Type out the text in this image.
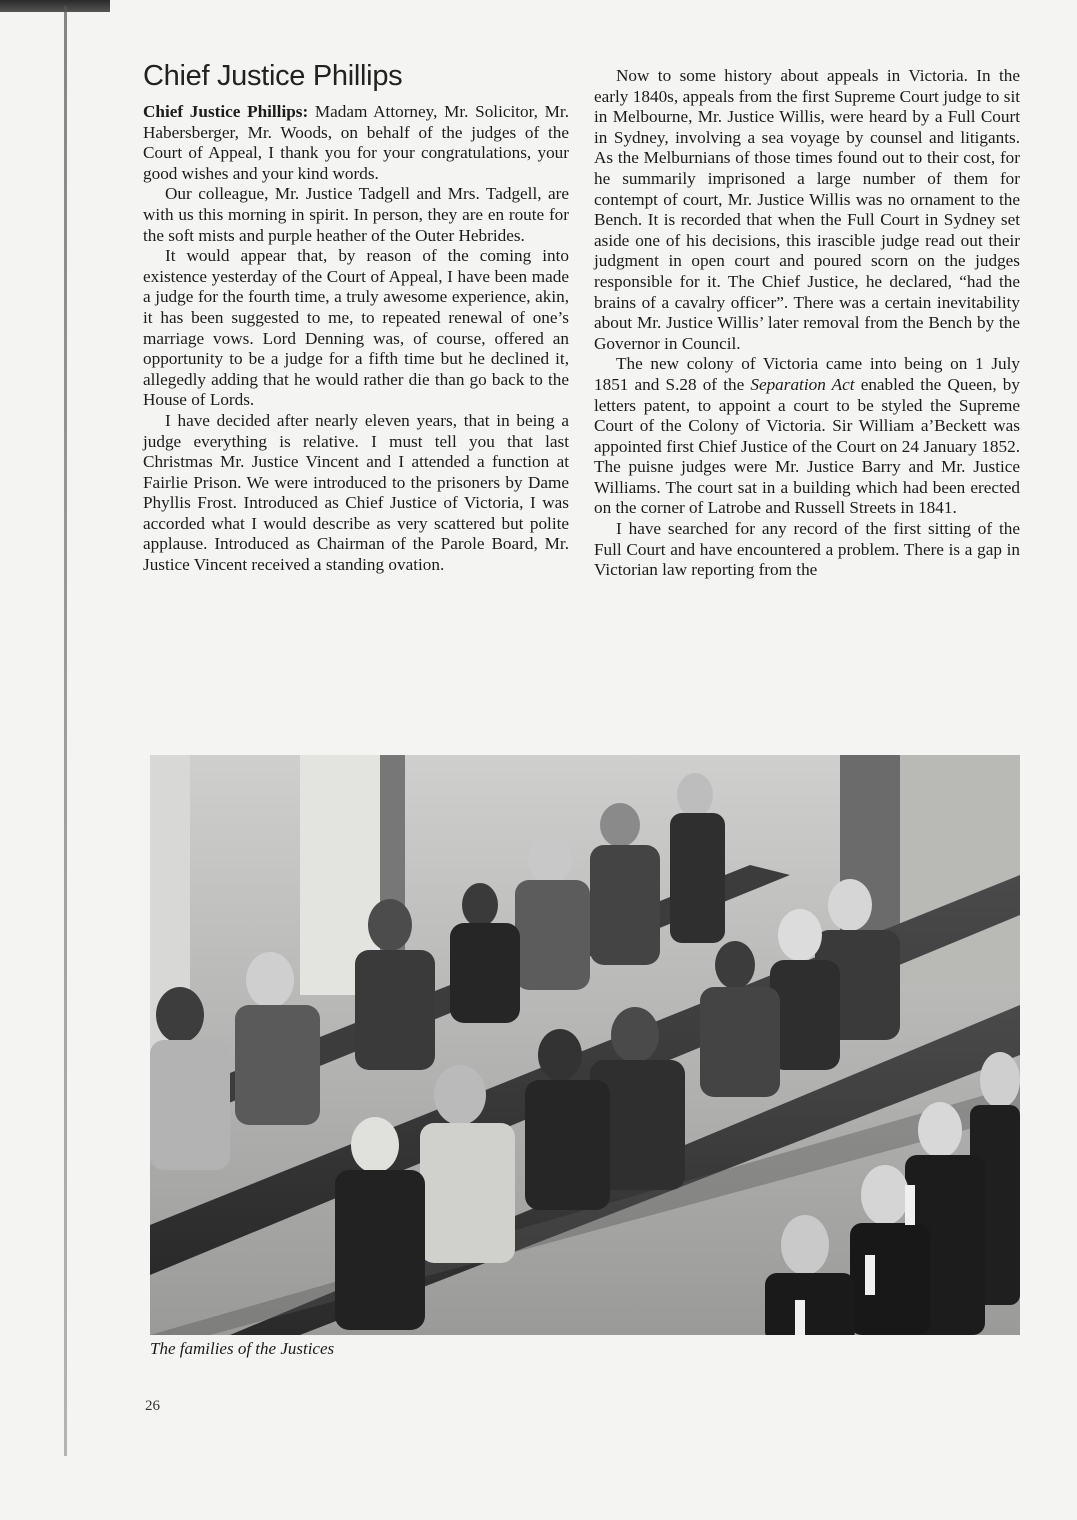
Chief Justice Phillips

Chief Justice Phillips: Madam Attorney, Mr. Solicitor, Mr. Habersberger, Mr. Woods, on behalf of the judges of the Court of Appeal, I thank you for your congratulations, your good wishes and your kind words.

Our colleague, Mr. Justice Tadgell and Mrs. Tadgell, are with us this morning in spirit. In person, they are en route for the soft mists and purple heather of the Outer Hebrides.

It would appear that, by reason of the coming into existence yesterday of the Court of Appeal, I have been made a judge for the fourth time, a truly awesome experience, akin, it has been suggested to me, to repeated renewal of one’s marriage vows. Lord Denning was, of course, offered an opportunity to be a judge for a fifth time but he declined it, allegedly adding that he would rather die than go back to the House of Lords.

I have decided after nearly eleven years, that in being a judge everything is relative. I must tell you that last Christmas Mr. Justice Vincent and I attended a function at Fairlie Prison. We were introduced to the prisoners by Dame Phyllis Frost. Introduced as Chief Justice of Victoria, I was accorded what I would describe as very scattered but polite applause. Introduced as Chairman of the Parole Board, Mr. Justice Vincent received a standing ovation.

Now to some history about appeals in Victoria. In the early 1840s, appeals from the first Supreme Court judge to sit in Melbourne, Mr. Justice Willis, were heard by a Full Court in Sydney, involving a sea voyage by counsel and litigants. As the Melburnians of those times found out to their cost, for he summarily imprisoned a large number of them for contempt of court, Mr. Justice Willis was no ornament to the Bench. It is recorded that when the Full Court in Sydney set aside one of his decisions, this irascible judge read out their judgment in open court and poured scorn on the judges responsible for it. The Chief Justice, he declared, “had the brains of a cavalry officer”. There was a certain inevitability about Mr. Justice Willis’ later removal from the Bench by the Governor in Council.

The new colony of Victoria came into being on 1 July 1851 and S.28 of the Separation Act enabled the Queen, by letters patent, to appoint a court to be styled the Supreme Court of the Colony of Victoria. Sir William a’Beckett was appointed first Chief Justice of the Court on 24 January 1852. The puisne judges were Mr. Justice Barry and Mr. Justice Williams. The court sat in a building which had been erected on the corner of Latrobe and Russell Streets in 1841.

I have searched for any record of the first sitting of the Full Court and have encountered a problem. There is a gap in Victorian law reporting from the

The families of the Justices

26
